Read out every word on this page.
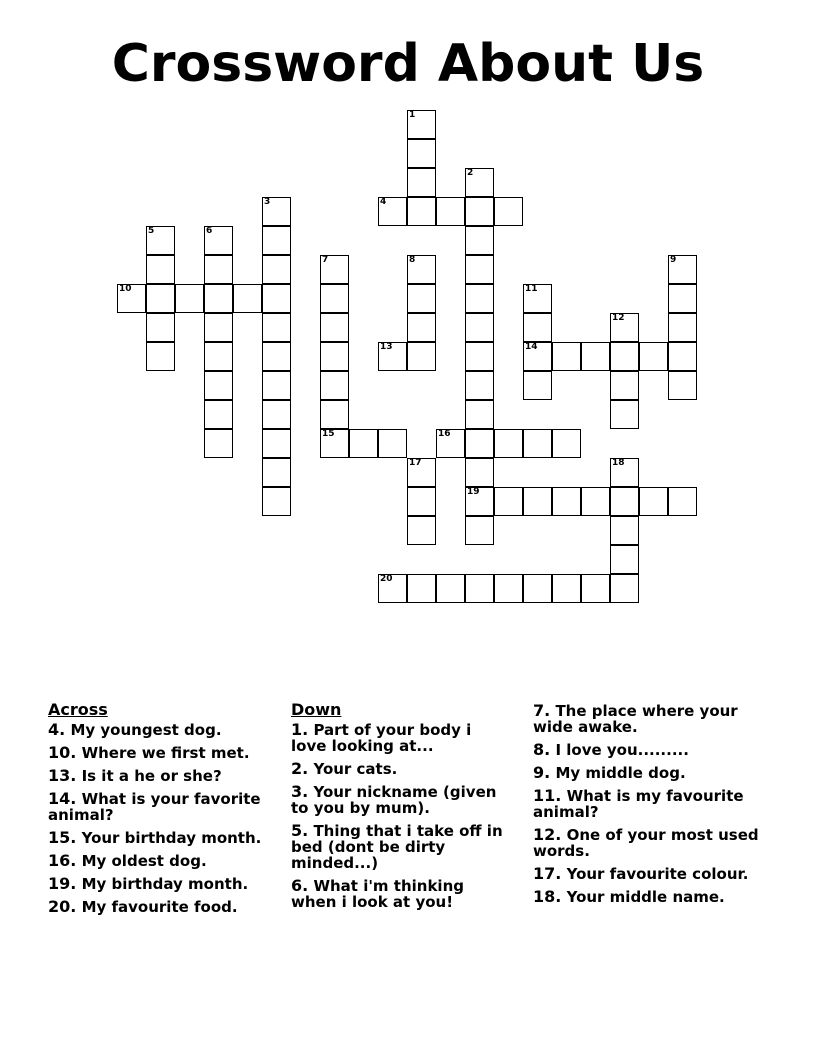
Crossword About Us
1
4
2
19
3
5	6
10
7
15
8
13
9
11
14
12
16
17	18
20
Across
4. My youngest dog.
10. Where we first met.
13. Is it a he or she?
14. What is your favorite animal?
15. Your birthday month.
16. My oldest dog.
19. My birthday month.
20. My favourite food.
Down
1. Part of your body i love looking at...
2. Your cats.
3. Your nickname (given to you by mum).
5. Thing that i take off in bed (dont be dirty minded...)
6. What i'm thinking when i look at you!
7. The place where your wide awake.
8. I love you.........
9. My middle dog.
11. What is my favourite animal?
12. One of your most used words.
17. Your favourite colour.
18. Your middle name.
